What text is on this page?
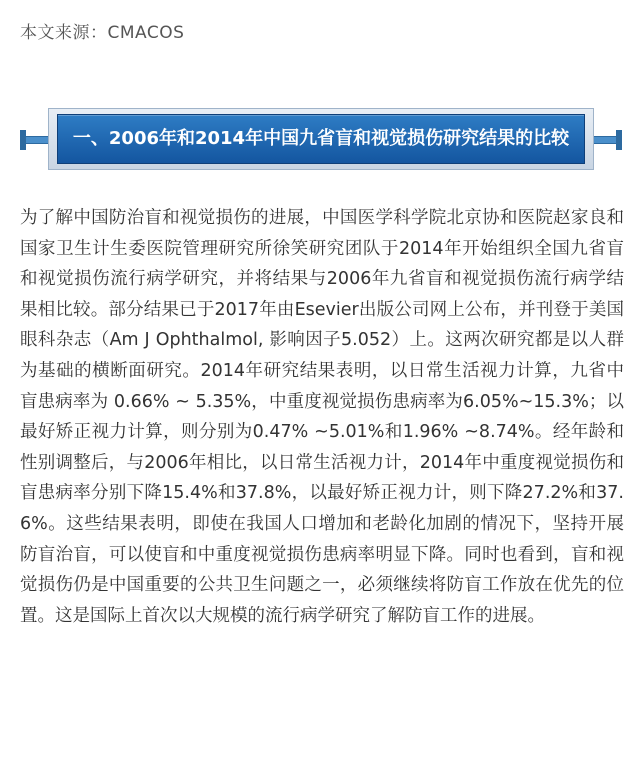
本文来源：CMACOS
一、2006年和2014年中国九省盲和视觉损伤研究结果的比较

为了解中国防治盲和视觉损伤的进展，中国医学科学院北京协和医院赵家良和国家卫生计生委医院管理研究所徐笑研究团队于2014年开始组织全国九省盲和视觉损伤流行病学研究，并将结果与2006年九省盲和视觉损伤流行病学结果相比较。部分结果已于2017年由Esevier出版公司网上公布，并刊登于美国眼科杂志（Am J Ophthalmol, 影响因子5.052）上。这两次研究都是以人群为基础的横断面研究。2014年研究结果表明，以日常生活视力计算，九省中盲患病率为 0.66% ~ 5.35%，中重度视觉损伤患病率为6.05%~15.3%；以最好矫正视力计算，则分别为0.47% ~5.01%和1.96% ~8.74%。经年龄和性别调整后，与2006年相比，以日常生活视力计，2014年中重度视觉损伤和盲患病率分别下降15.4%和37.8%，以最好矫正视力计，则下降27.2%和37.6%。这些结果表明，即使在我国人口增加和老龄化加剧的情况下，坚持开展防盲治盲，可以使盲和中重度视觉损伤患病率明显下降。同时也看到，盲和视觉损伤仍是中国重要的公共卫生问题之一，必须继续将防盲工作放在优先的位置。这是国际上首次以大规模的流行病学研究了解防盲工作的进展。
